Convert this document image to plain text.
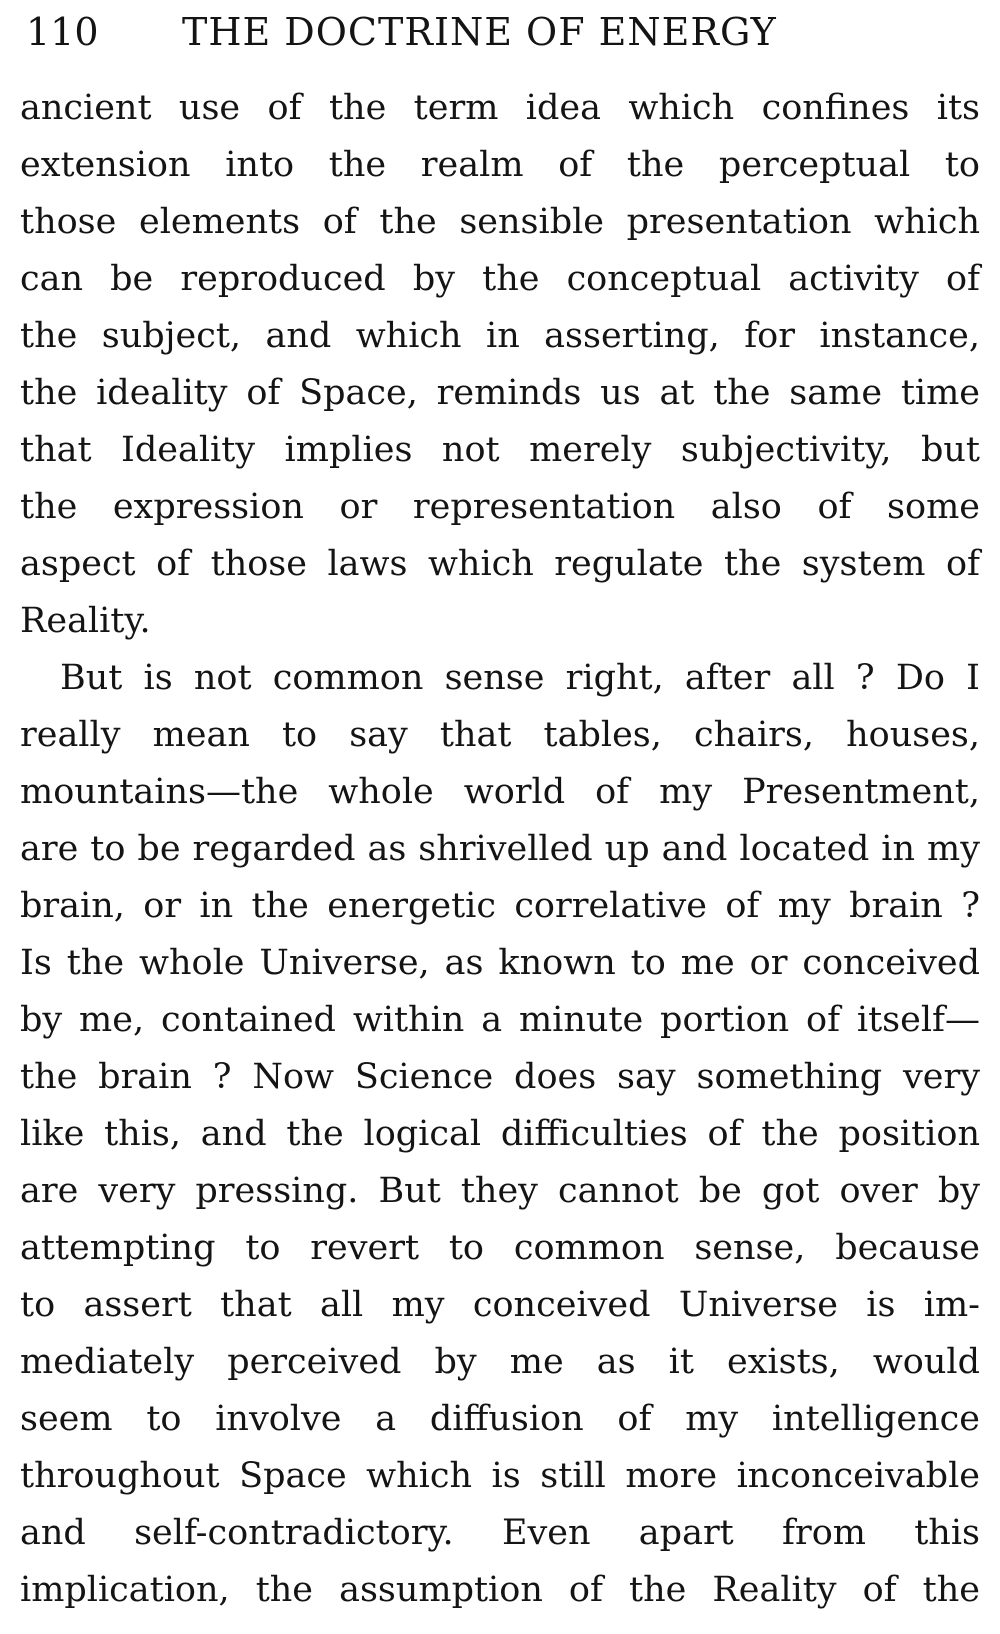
110 THE DOCTRINE OF ENERGY
ancient use of the term idea which confines its
extension into the realm of the perceptual to
those elements of the sensible presentation which
can be reproduced by the conceptual activity of
the subject, and which in asserting, for instance,
the ideality of Space, reminds us at the same time
that Ideality implies not merely subjectivity, but
the expression or representation also of some
aspect of those laws which regulate the system of
Reality.
But is not common sense right, after all ? Do I
really mean to say that tables, chairs, houses,
mountains—the whole world of my Presentment,
are to be regarded as shrivelled up and located in my
brain, or in the energetic correlative of my brain ?
Is the whole Universe, as known to me or conceived
by me, contained within a minute portion of itself—
the brain ? Now Science does say something very
like this, and the logical difficulties of the position
are very pressing. But they cannot be got over by
attempting to revert to common sense, because
to assert that all my conceived Universe is im-
mediately perceived by me as it exists, would
seem to involve a diffusion of my intelligence
throughout Space which is still more inconceivable
and self-contradictory. Even apart from this
implication, the assumption of the Reality of the
